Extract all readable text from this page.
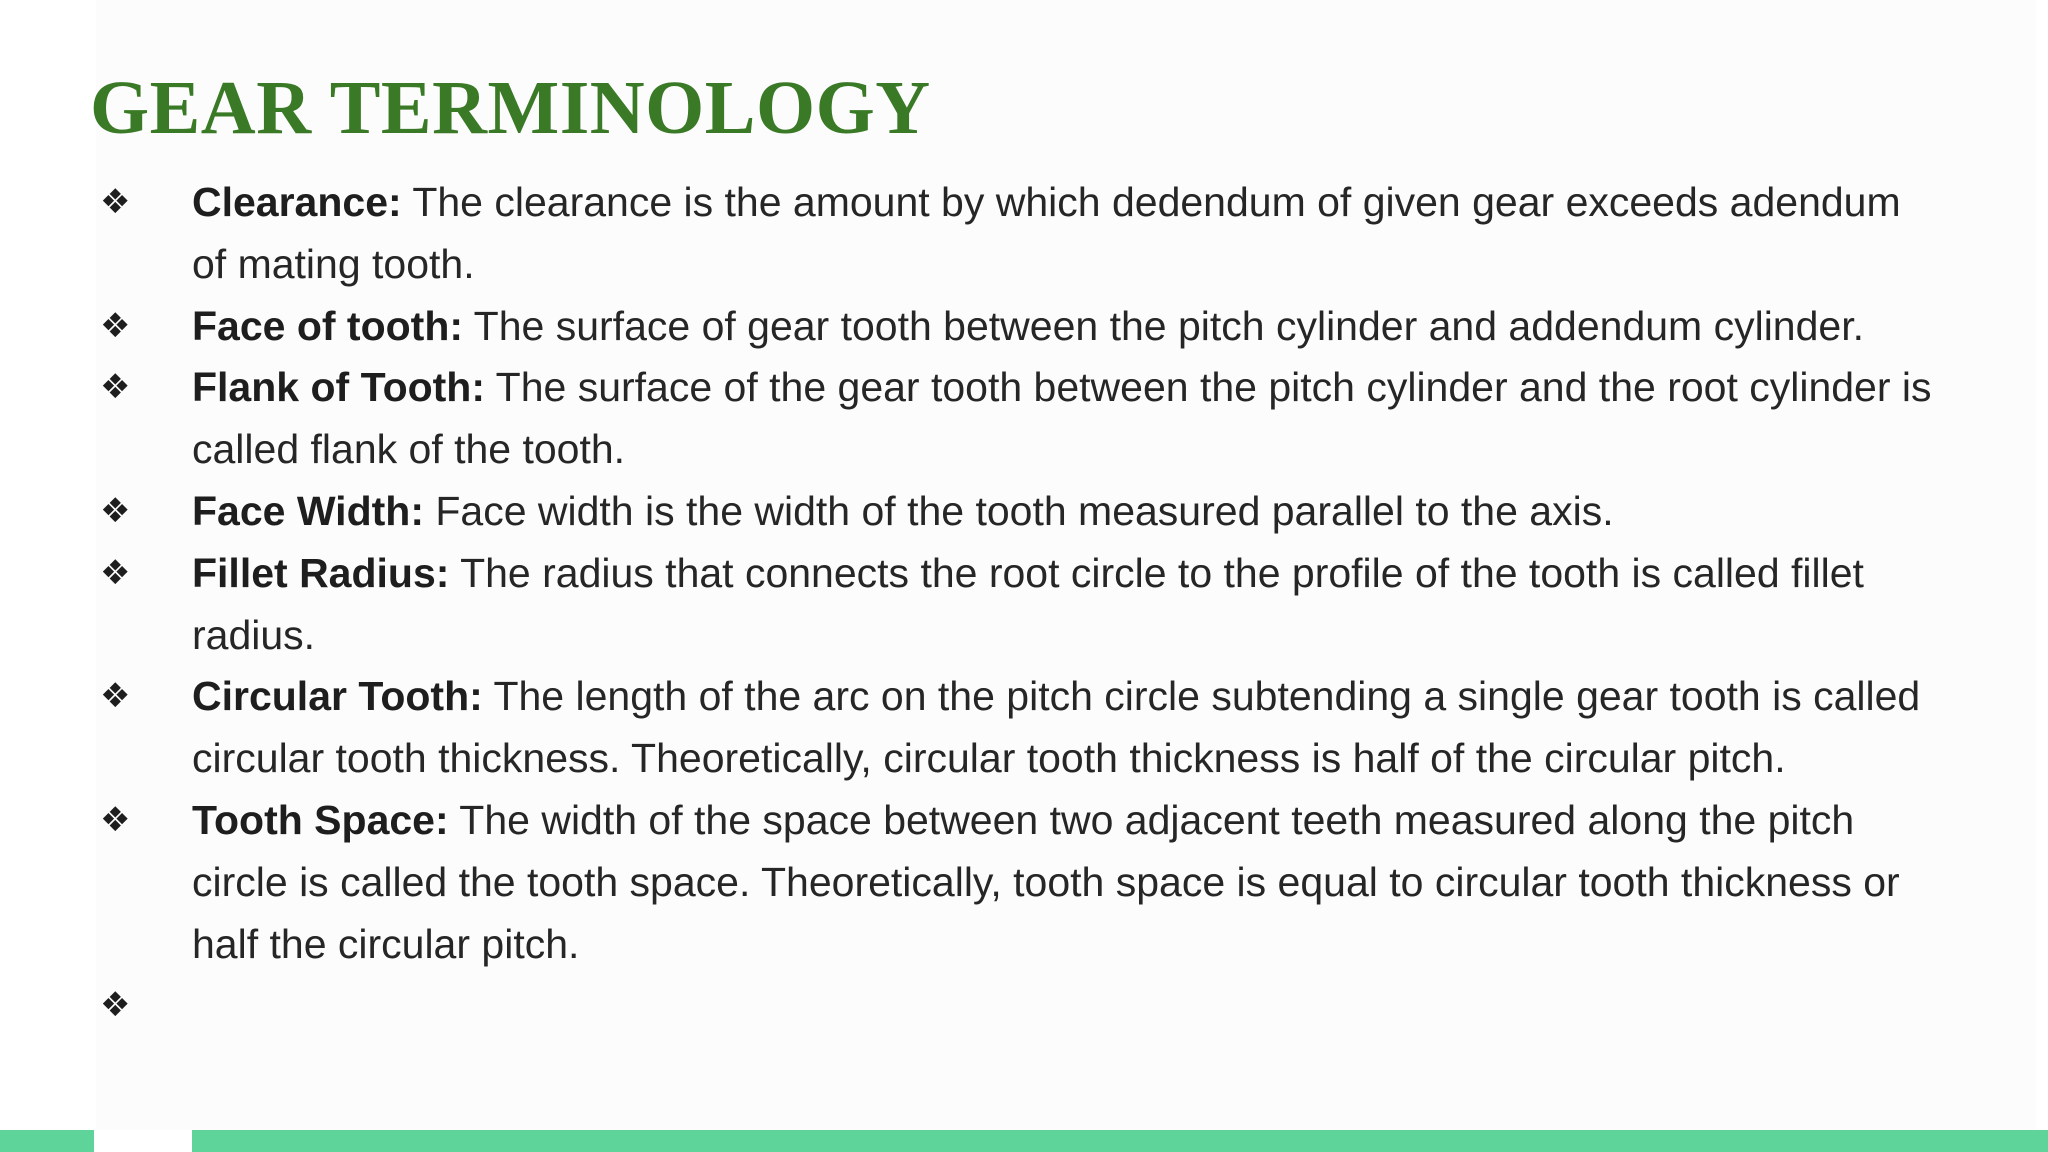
GEAR TERMINOLOGY
❖ Clearance: The clearance is the amount by which dedendum of given gear exceeds adendum of mating tooth.
❖ Face of tooth: The surface of gear tooth between the pitch cylinder and addendum cylinder.
❖ Flank of Tooth: The surface of the gear tooth between the pitch cylinder and the root cylinder is called flank of the tooth.
❖ Face Width: Face width is the width of the tooth measured parallel to the axis.
❖ Fillet Radius: The radius that connects the root circle to the profile of the tooth is called fillet radius.
❖ Circular Tooth: The length of the arc on the pitch circle subtending a single gear tooth is called circular tooth thickness. Theoretically, circular tooth thickness is half of the circular pitch.
❖ Tooth Space: The width of the space between two adjacent teeth measured along the pitch circle is called the tooth space. Theoretically, tooth space is equal to circular tooth thickness or half the circular pitch.
❖
